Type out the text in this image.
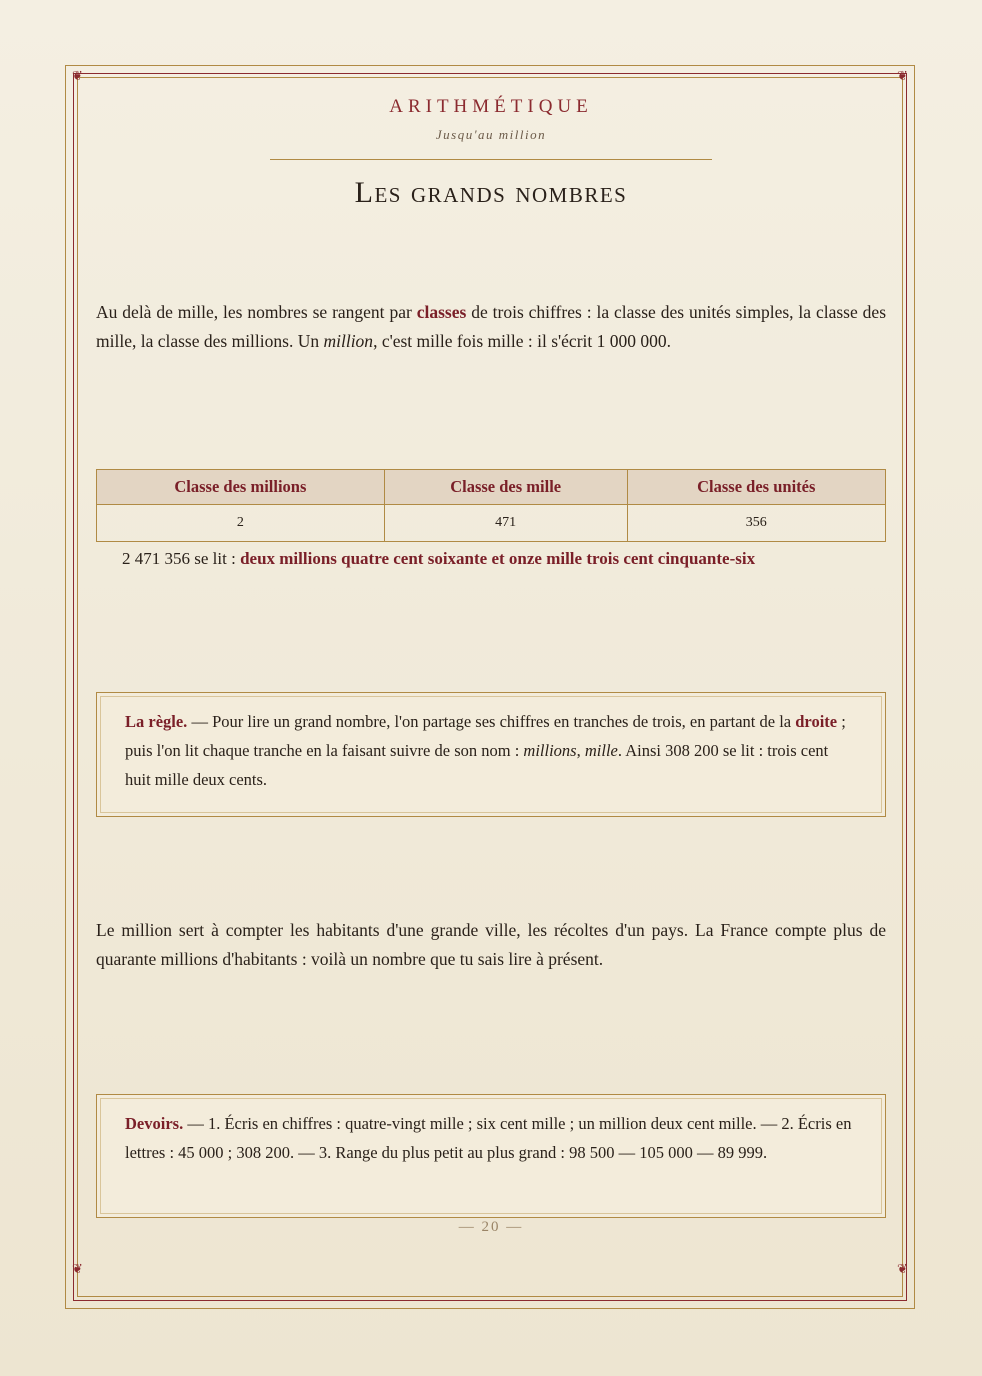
❦	❦
❦	❦
ARITHMÉTIQUE
Jusqu'au million
Les grands nombres

Au delà de mille, les nombres se rangent par classes de trois chiffres : la classe des unités simples, la classe des mille, la classe des millions. Un million, c'est mille fois mille : il s'écrit 1 000 000.

Classe des millions	Classe des mille	Classe des unités
2	471	356
2 471 356 se lit : deux millions quatre cent soixante et onze mille trois cent cinquante-six
La règle. — Pour lire un grand nombre, l'on partage ses chiffres en tranches de trois, en partant de la droite ; puis l'on lit chaque tranche en la faisant suivre de son nom : millions, mille. Ainsi 308 200 se lit : trois cent huit mille deux cents.

Le million sert à compter les habitants d'une grande ville, les récoltes d'un pays. La France compte plus de quarante millions d'habitants : voilà un nombre que tu sais lire à présent.

Devoirs. — 1. Écris en chiffres : quatre-vingt mille ; six cent mille ; un million deux cent mille. — 2. Écris en lettres : 45 000 ; 308 200. — 3. Range du plus petit au plus grand : 98 500 — 105 000 — 89 999.
— 20 —
